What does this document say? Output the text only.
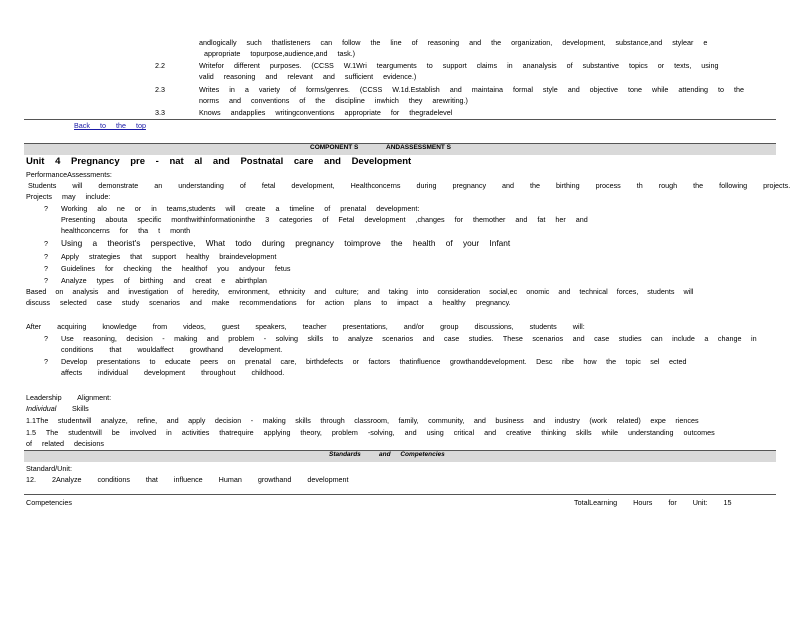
andlogically such thatlisteners can follow the line of reasoning and the organization, development, substance,and stylear e
appropriate topurpose,audience,and task.)
2.2	Writefor different purposes. (CCSS W.1Wri tearguments to support claims in ananalysis of substantive topics or texts, using
valid reasoning and relevant and sufficient evidence.)
2.3	Writes in a variety of forms/genres. (CCSS W.1d.Establish and maintaina formal style and objective tone while attending to the
norms and conventions of the discipline inwhich they arewriting.)
3.3	Knows andapplies writingconventions appropriate for thegradelevel
Back to the top
COMPONENT S	ANDASSESSMENT S
Unit 4 Pregnancy pre - nat al and Postnatal care and Development
PerformanceAssessments:
Students will demonstrate an understanding of fetal development, Healthconcerns during pregnancy and the birthing process th rough the following projects.
Projects may include:
? Working alo ne or in teams,students will create a timeline of prenatal development:
Presenting abouta specific monthwithinformationinthe 3 categories of Fetal development ,changes for themother and fat her and
healthconcerns for tha t month
? Using a theorist's perspective, What todo during pregnancy toimprove the health of your Infant
? Apply strategies that support healthy braindevelopment
? Guidelines for checking the healthof you andyour fetus
? Analyze types of birthing and creat e abirthplan
Based on analysis and investigation of heredity, environment, ethnicity and culture; and taking into consideration social,ec onomic and technical forces, students will
discuss selected case study scenarios and make recommendations for action plans to impact a healthy pregnancy.
After acquiring knowledge from videos, guest speakers, teacher presentations, and/or group discussions, students will:
? Use reasoning, decision - making and problem - solving skills to analyze scenarios and case studies. These scenarios and case studies can include a change in
conditions that wouldaffect growthand development.
? Develop presentations to educate peers on prenatal care, birthdefects or factors thatinfluence growthanddevelopment. Desc ribe how the topic sel ected
affects individual development throughout childhood.
Leadership Alignment:
Individual Skills
1.1The studentwill analyze, refine, and apply decision - making skills through classroom, family, community, and business and industry (work related) expe riences
1.5 The studentwill be involved in activities thatrequire applying theory, problem -solving, and using critical and creative thinking skills while understanding outcomes
of related decisions
Standards	and Competencies
Standard/Unit:
12. 2Analyze conditions that influence Human growthand development
Competencies	TotalLearning Hours for Unit: 15
